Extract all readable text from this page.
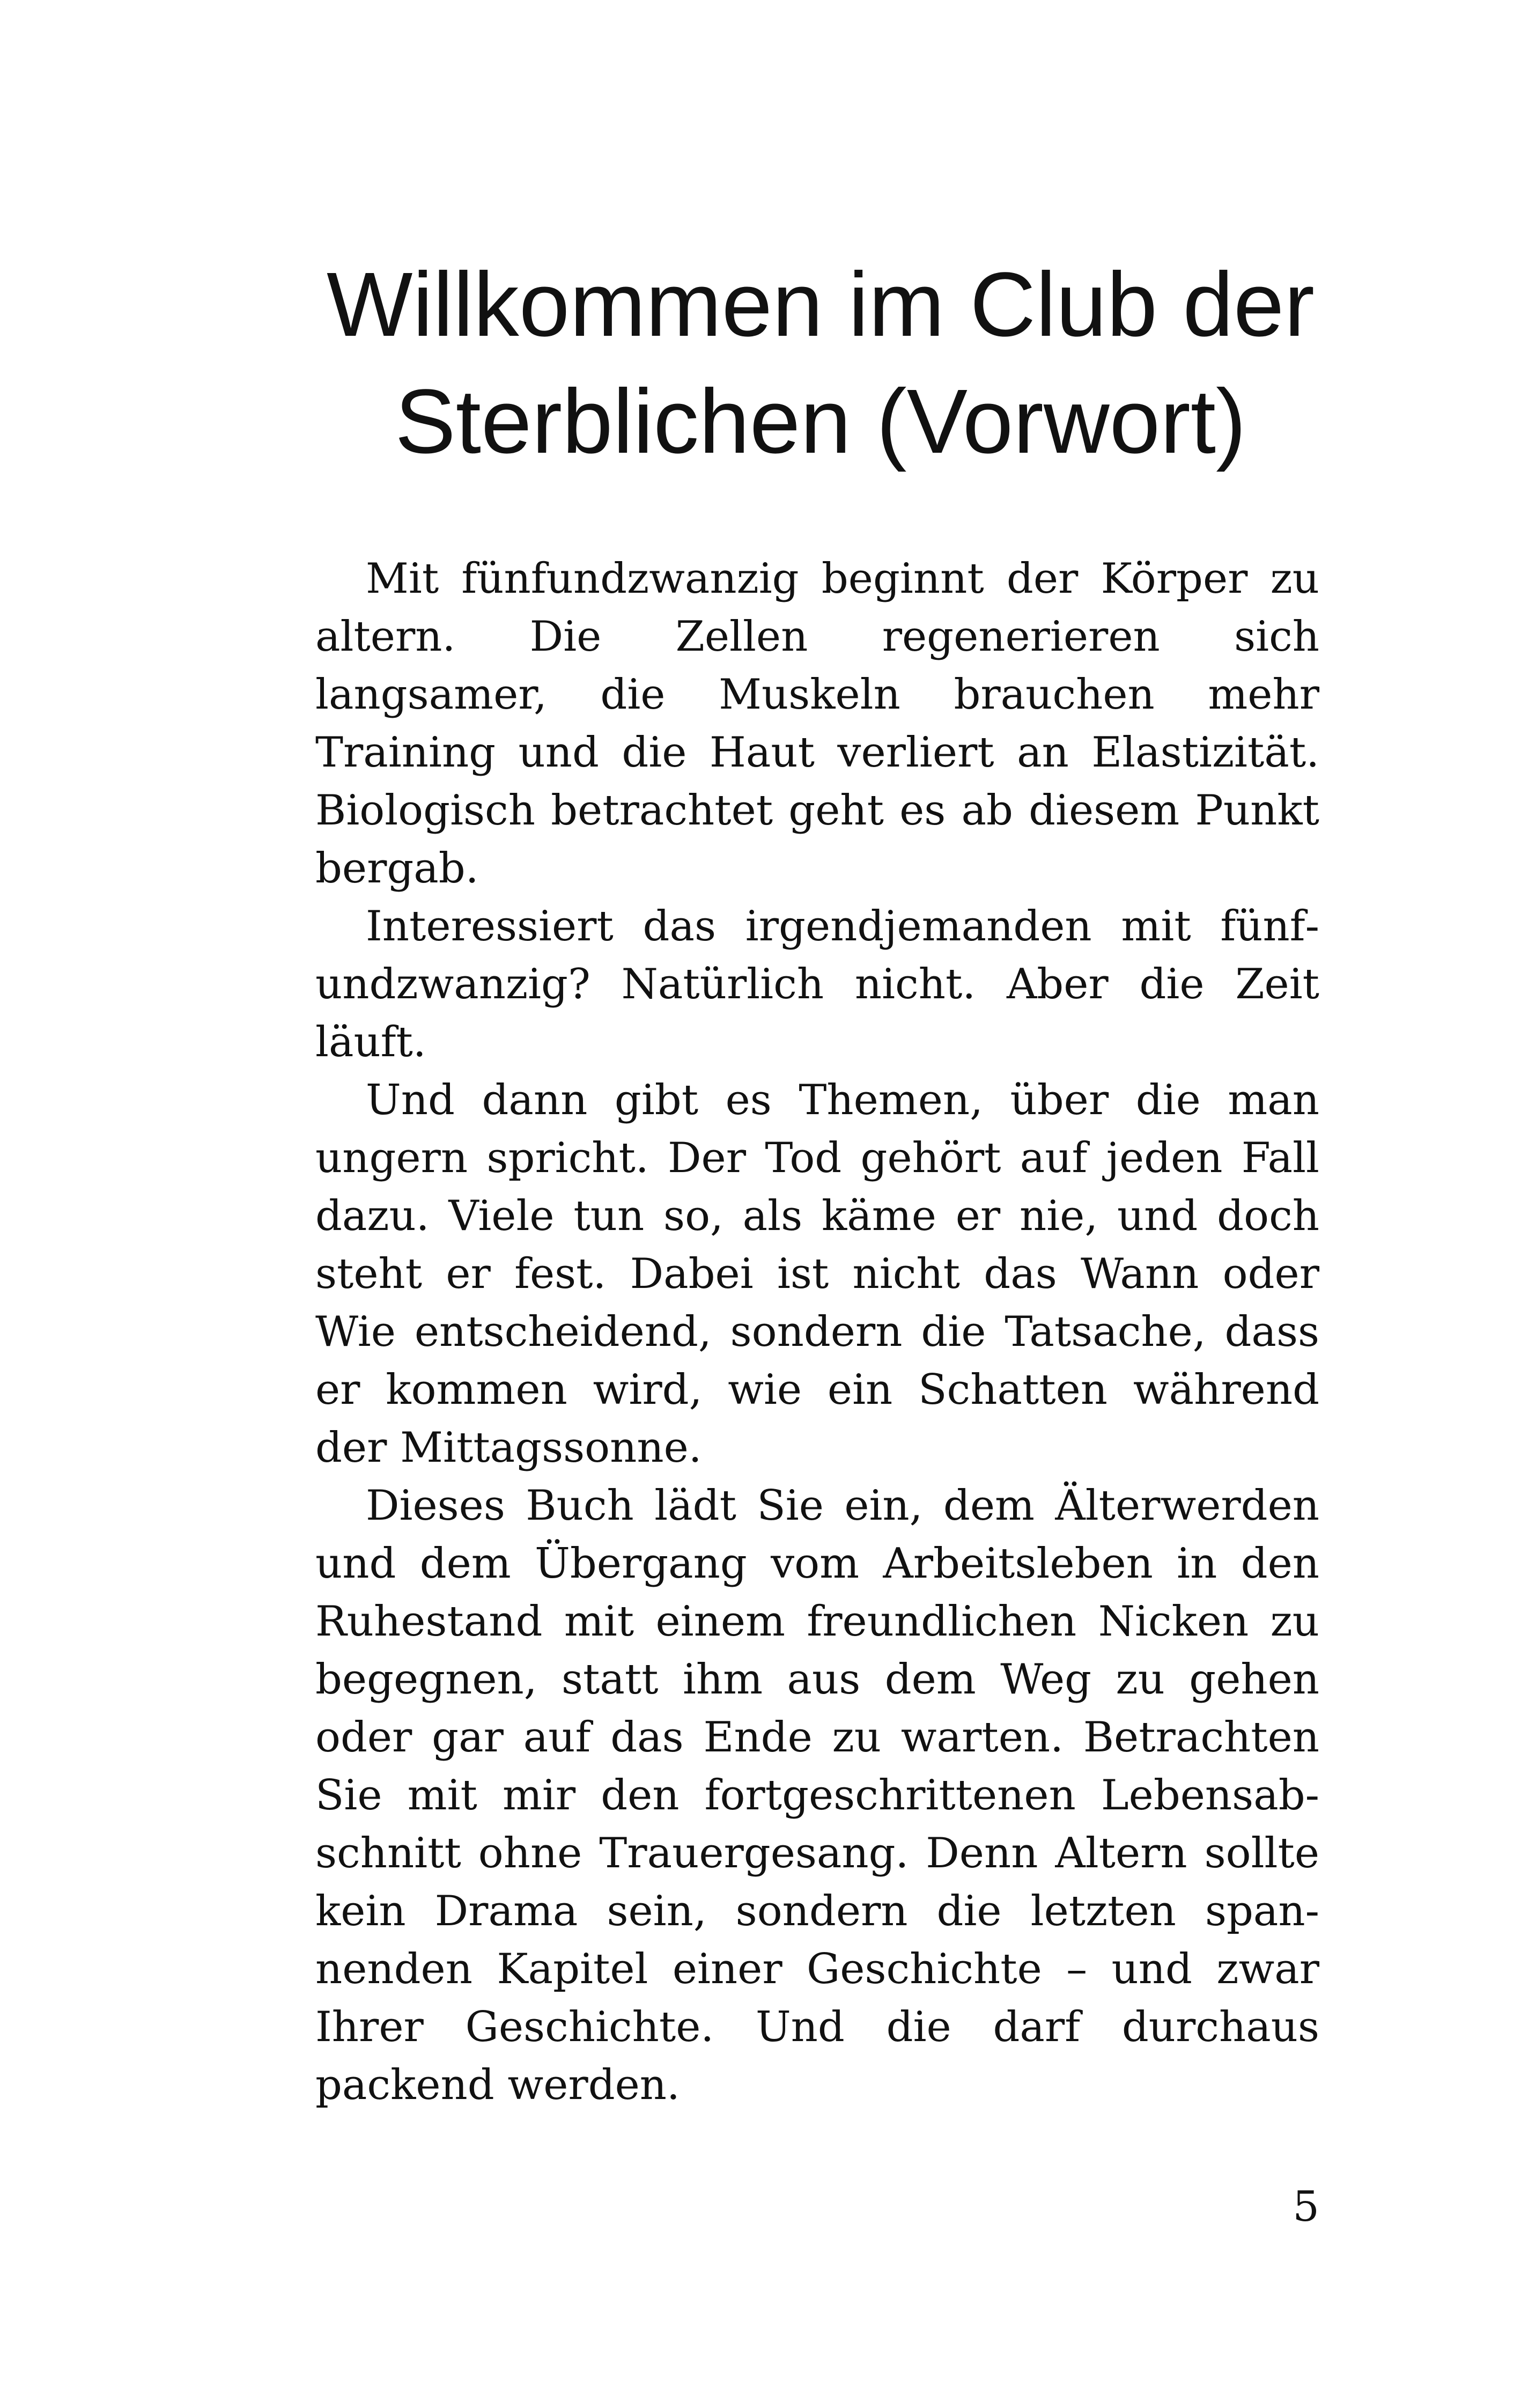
Willkommen im Club der
Sterblichen (Vorwort)

Mit fünfundzwanzig beginnt der Körper zu altern. Die Zellen regenerieren sich langsamer, die Muskeln brauchen mehr Training und die Haut verliert an Elastizität. Biologisch betrachtet geht es ab diesem Punkt bergab.

Interessiert das irgendjemanden mit fünfundzwanzig? Natürlich nicht. Aber die Zeit läuft.

Und dann gibt es Themen, über die man ungern spricht. Der Tod gehört auf jeden Fall dazu. Viele tun so, als käme er nie, und doch steht er fest. Dabei ist nicht das Wann oder Wie entscheidend, sondern die Tatsache, dass er kommen wird, wie ein Schatten während der Mittagssonne.

Dieses Buch lädt Sie ein, dem Älterwerden und dem Übergang vom Arbeitsleben in den Ruhestand mit einem freundlichen Nicken zu begegnen, statt ihm aus dem Weg zu gehen oder gar auf das Ende zu warten. Betrachten Sie mit mir den fortgeschrittenen Lebensabschnitt ohne Trauergesang. Denn Altern sollte kein Drama sein, sondern die letzten spannenden Kapitel einer Geschichte – und zwar Ihrer Geschichte. Und die darf durchaus packend werden.

5
